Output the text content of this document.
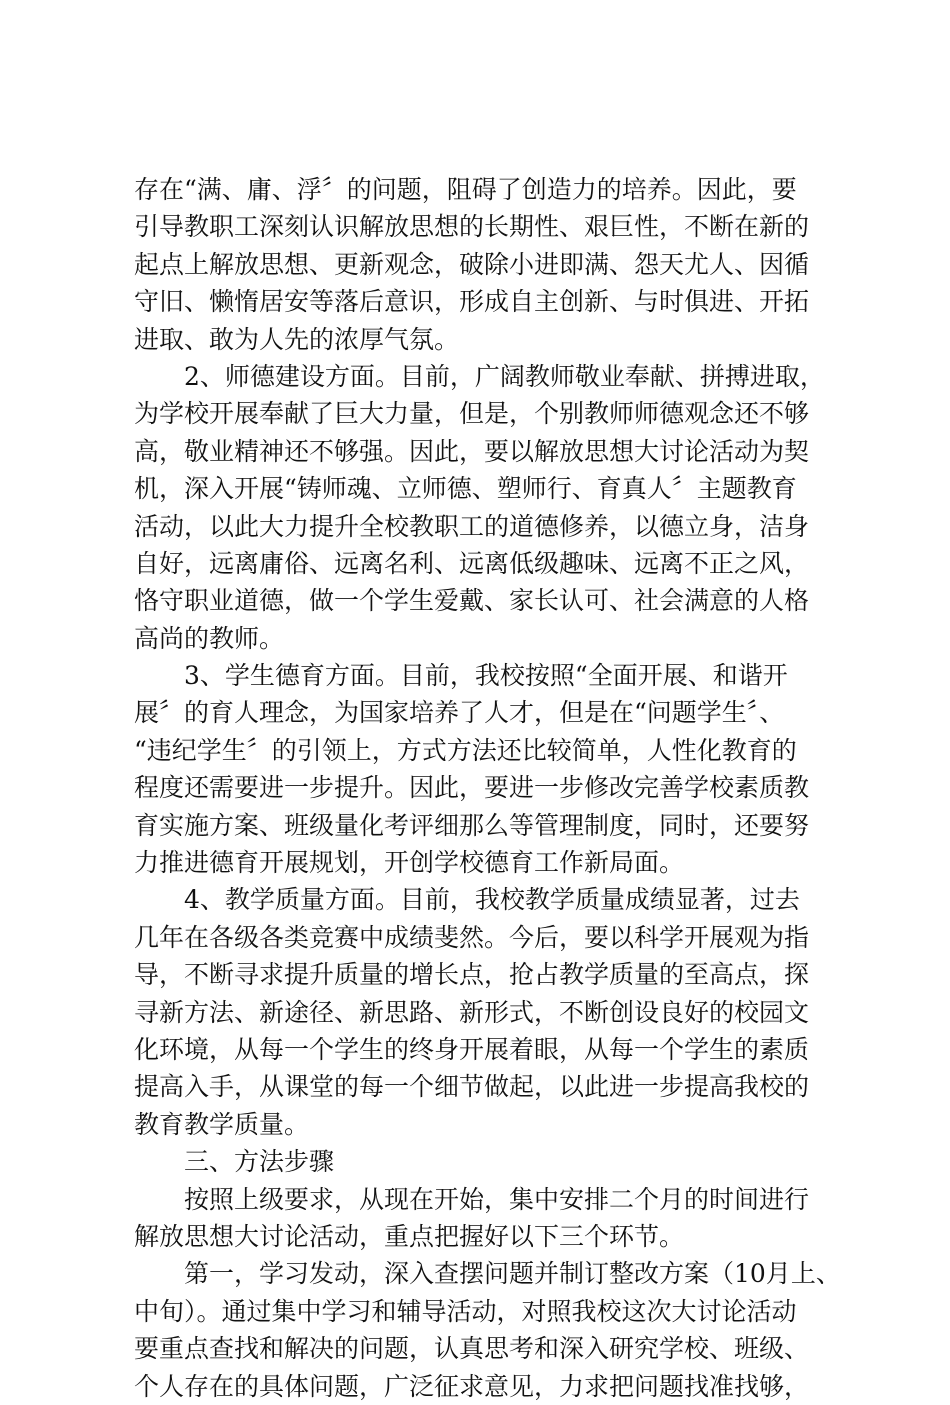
存在“满、庸、浮〞的问题，阻碍了创造力的培养。因此，要
引导教职工深刻认识解放思想的长期性、艰巨性，不断在新的
起点上解放思想、更新观念，破除小进即满、怨天尤人、因循
守旧、懒惰居安等落后意识，形成自主创新、与时俱进、开拓
进取、敢为人先的浓厚气氛。
2、师德建设方面。目前，广阔教师敬业奉献、拼搏进取，
为学校开展奉献了巨大力量，但是，个别教师师德观念还不够
高，敬业精神还不够强。因此，要以解放思想大讨论活动为契
机，深入开展“铸师魂、立师德、塑师行、育真人〞主题教育
活动，以此大力提升全校教职工的道德修养，以德立身，洁身
自好，远离庸俗、远离名利、远离低级趣味、远离不正之风，
恪守职业道德，做一个学生爱戴、家长认可、社会满意的人格
高尚的教师。
3、学生德育方面。目前，我校按照“全面开展、和谐开
展〞的育人理念，为国家培养了人才，但是在“问题学生〞、
“违纪学生〞的引领上，方式方法还比较简单，人性化教育的
程度还需要进一步提升。因此，要进一步修改完善学校素质教
育实施方案、班级量化考评细那么等管理制度，同时，还要努
力推进德育开展规划，开创学校德育工作新局面。
4、教学质量方面。目前，我校教学质量成绩显著，过去
几年在各级各类竞赛中成绩斐然。今后，要以科学开展观为指
导，不断寻求提升质量的增长点，抢占教学质量的至高点，探
寻新方法、新途径、新思路、新形式，不断创设良好的校园文
化环境，从每一个学生的终身开展着眼，从每一个学生的素质
提高入手，从课堂的每一个细节做起，以此进一步提高我校的
教育教学质量。
三、方法步骤
按照上级要求，从现在开始，集中安排二个月的时间进行
解放思想大讨论活动，重点把握好以下三个环节。
第一，学习发动，深入查摆问题并制订整改方案（10月上、
中旬）。通过集中学习和辅导活动，对照我校这次大讨论活动
要重点查找和解决的问题，认真思考和深入研究学校、班级、
个人存在的具体问题，广泛征求意见，力求把问题找准找够，
